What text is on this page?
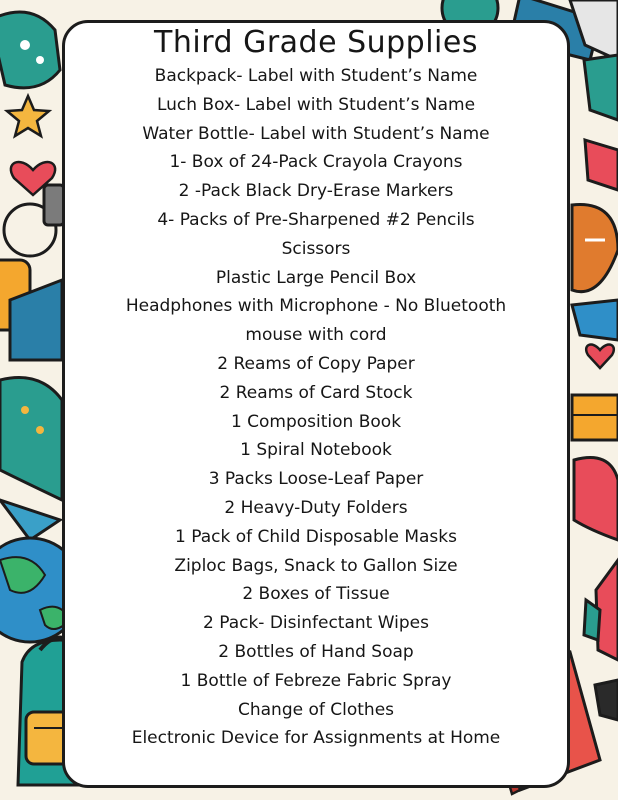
Third Grade Supplies
Backpack- Label with Student’s Name
Luch Box- Label with Student’s Name
Water Bottle- Label with Student’s Name
1- Box of 24-Pack Crayola Crayons
2 -Pack Black Dry-Erase Markers
4- Packs of Pre-Sharpened #2 Pencils
Scissors
Plastic Large Pencil Box
Headphones with Microphone - No Bluetooth
mouse with cord
2 Reams of Copy Paper
2 Reams of Card Stock
1 Composition Book
1 Spiral Notebook
3 Packs Loose-Leaf Paper
2 Heavy-Duty Folders
1 Pack of Child Disposable Masks
Ziploc Bags, Snack to Gallon Size
2 Boxes of Tissue
2 Pack- Disinfectant Wipes
2 Bottles of Hand Soap
1 Bottle of Febreze Fabric Spray
Change of Clothes
Electronic Device for Assignments at Home
